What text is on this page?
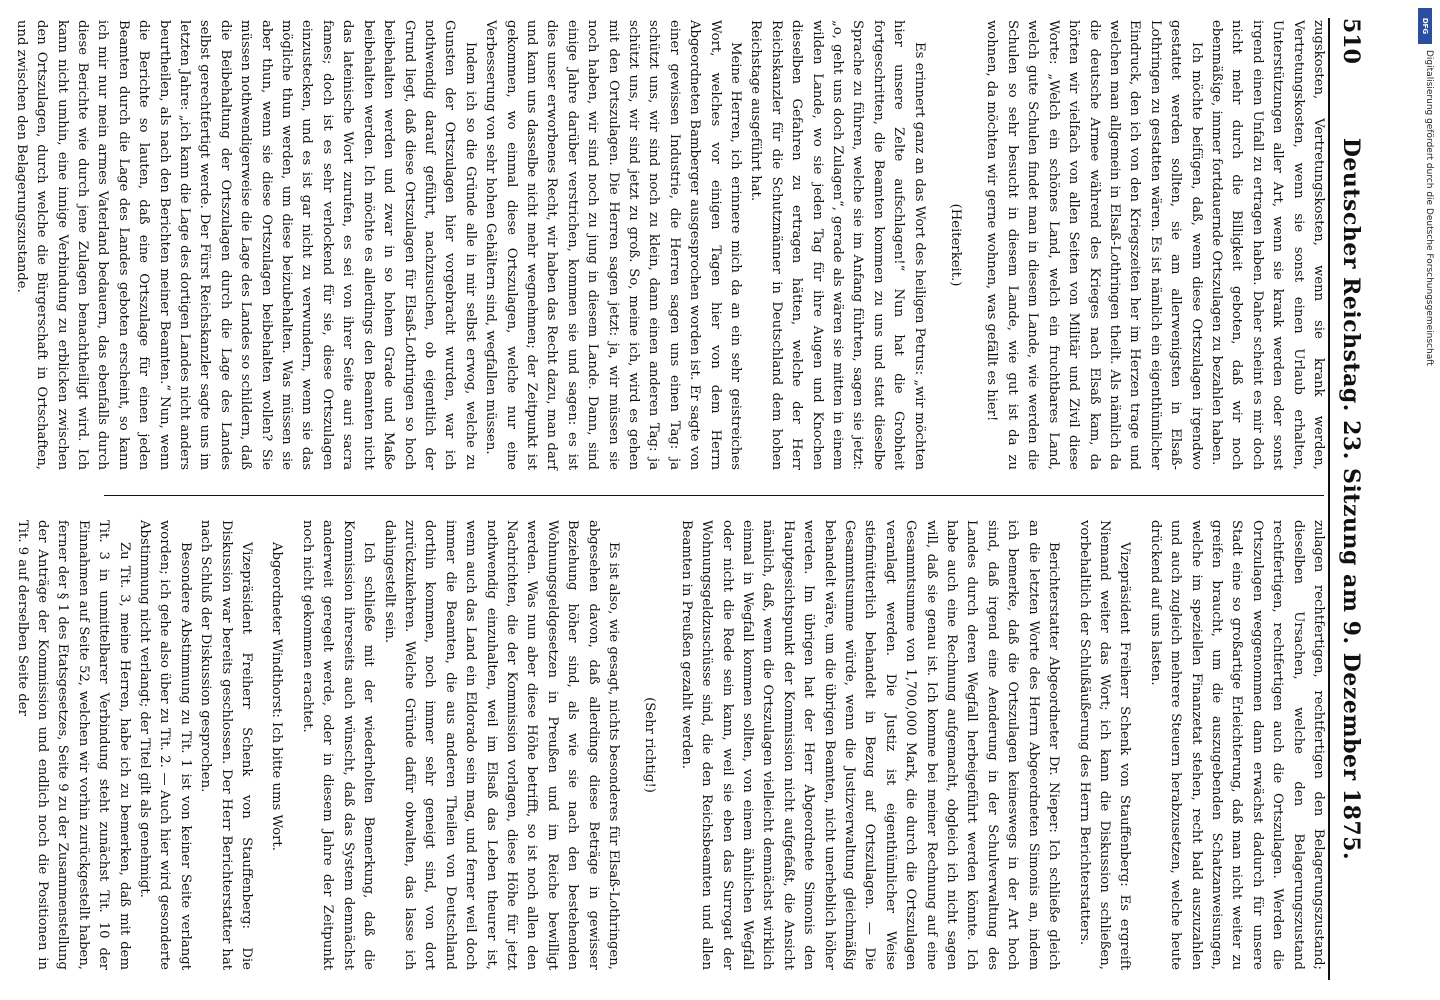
510
Deutscher Reichstag. 23. Sitzung am 9. Dezember 1875.

zugskosten, Vertretungskosten, wenn sie krank werden, Vertretungskosten, wenn sie sonst einen Urlaub erhalten, Unterstützungen aller Art, wenn sie krank werden oder sonst irgend einen Unfall zu ertragen haben. Daher scheint es mir doch nicht mehr durch die Billigkeit geboten, daß wir noch ebenmäßige, immer fortdauernde Ortszulagen zu bezahlen haben.

Ich möchte beifügen, daß, wenn diese Ortszulagen irgendwo gestattet werden sollten, sie am allerwenigsten in Elsaß-Lothringen zu gestatten wären. Es ist nämlich ein eigenthümlicher Eindruck, den ich von den Kriegszeiten her im Herzen trage und welchen man allgemein in Elsaß-Lothringen theilt. Als nämlich da die deutsche Armee während des Krieges nach Elsaß kam, da hörten wir vielfach von allen Seiten von Militär und Zivil diese Worte: „Welch ein schönes Land, welch ein fruchtbares Land, welch gute Schulen findet man in diesem Lande, wie werden die Schulen so sehr besucht in diesem Lande, wie gut ist da zu wohnen, da möchten wir gerne wohnen, was gefällt es hier!

(Heiterkeit.)

Es erinnert ganz an das Wort des heiligen Petrus: „wir möchten hier unsere Zelte aufschlagen!“ Nun hat die Grobheit fortgeschritten, die Beamten kommen zu uns und statt dieselbe Sprache zu führen, welche sie im Anfang führten, sagen sie jetzt: „o, geht uns doch Zulagen“, gerade als wären sie mitten in einem wilden Lande, wo sie jeden Tag für ihre Augen und Knochen dieselben Gefahren zu ertragen hätten, welche der Herr Reichskanzler für die Schutzmänner in Deutschland dem hohen Reichstage ausgeführt hat.

Meine Herren, ich erinnere mich da an ein sehr geistreiches Wort, welches vor einigen Tagen hier von dem Herrn Abgeordneten Bamberger ausgesprochen worden ist. Er sagte von einer gewissen Industrie, die Herren sagen uns einen Tag: ja schützt uns, wir sind noch zu klein, dann einen anderen Tag: ja schützt uns, wir sind jetzt zu groß. So, meine ich, wird es gehen mit den Ortszulagen. Die Herren sagen jetzt: ja, wir müssen sie noch haben, wir sind noch zu jung in diesem Lande. Dann, sind einige Jahre darüber verstrichen, kommen sie und sagen: es ist dies unser erworbenes Recht, wir haben das Recht dazu, man darf und kann uns dasselbe nicht mehr wegnehmen; der Zeitpunkt ist gekommen, wo einmal diese Ortszulagen, welche nur eine Verbesserung von sehr hohen Gehältern sind, wegfallen müssen.

Indem ich so die Gründe alle in mir selbst erwog, welche zu Gunsten der Ortszulagen hier vorgebracht wurden, war ich nothwendig darauf geführt, nachzusuchen, ob eigentlich der Grund liegt, daß diese Ortszulagen für Elsaß-Lothringen so hoch beibehalten werden und zwar in so hohem Grade und Maße beibehalten werden. Ich möchte es allerdings den Beamten nicht das lateinische Wort zurufen, es sei von ihrer Seite auri sacra fames; doch ist es sehr verlockend für sie, diese Ortszulagen einzustecken, und es ist gar nicht zu verwundern, wenn sie das mögliche thun werden, um diese beizubehalten. Was müssen sie aber thun, wenn sie diese Ortszulagen beibehalten wollen? Sie müssen nothwendigerweise die Lage des Landes so schildern, daß die Beibehaltung der Ortszulagen durch die Lage des Landes selbst gerechtfertigt werde. Der Fürst Reichskanzler sagte uns im letzten Jahre: „ich kann die Lage des dortigen Landes nicht anders beurtheilen, als nach den Berichten meiner Beamten.“ Nun, wenn die Berichte so lauten, daß eine Ortszulage für einen jeden Beamten durch die Lage des Landes geboten erscheint, so kann ich mir nur mein armes Vaterland bedauern, das ebenfalls durch diese Berichte wie durch jene Zulagen benachtheiligt wird. Ich kann nicht umhin, eine innige Verbindung zu erblicken zwischen den Ortszulagen, durch welche die Bürgerschaft in Ortschaften, und zwischen den Belagerungszustande.

zulagen rechtfertigen, rechtfertigen den Belagerungszustand; dieselben Ursachen, welche den Belagerungszustand rechtfertigen, rechtfertigen auch die Ortszulagen. Werden die Ortszulagen weggenommen dann erwächst dadurch für unsere Stadt eine so großartige Erleichterung, daß man nicht weiter zu greifen braucht, um die auszugebenden Schatzanweisungen, welche im speziellen Finanzetat stehen, recht bald auszuzahlen und auch zugleich mehrere Steuern herabzusetzen, welche heute drückend auf uns lasten.

Vizepräsident Freiherr Schenk von Stauffenberg: Es ergreift Niemand weiter das Wort; ich kann die Diskussion schließen, vorbehaltlich der Schlußäußerung des Herrn Berichterstatters.

Berichterstatter Abgeordneter Dr. Nieper: Ich schließe gleich an die letzten Worte des Herrn Abgeordneten Simonis an, indem ich bemerke, daß die Ortszulagen keineswegs in der Art hoch sind, daß irgend eine Aenderung in der Schulverwaltung des Landes durch deren Wegfall herbeigeführt werden könnte. Ich habe auch eine Rechnung aufgemacht, obgleich ich nicht sagen will, daß sie genau ist. Ich komme bei meiner Rechnung auf eine Gesammtsumme von 1,700,000 Mark, die durch die Ortszulagen veranlagt werden. Die Justiz ist eigenthümlicher Weise stiefmütterlich behandelt in Bezug auf Ortszulagen. — Die Gesammtsumme würde, wenn die Justizverwaltung gleichmäßig behandelt wäre, um die übrigen Beamten, nicht unerheblich höher werden. Im übrigen hat der Herr Abgeordnete Simonis den Hauptgesichtspunkt der Kommission nicht aufgefaßt, die Ansicht nämlich, daß, wenn die Ortszulagen vielleicht demnächst wirklich einmal in Wegfall kommen sollten, von einem ähnlichen Wegfall oder nicht die Rede sein kann, weil sie eben das Surrogat der Wohnungsgeldzuschüsse sind, die den Reichsbeamten und allen Beamten in Preußen gezahlt werden.

(Sehr richtig!)

Es ist also, wie gesagt, nichts besonderes für Elsaß-Lothringen, abgesehen davon, daß allerdings diese Beträge in gewisser Beziehung höher sind, als wie sie nach den bestehenden Wohnungsgeldgesetzen in Preußen und im Reiche bewilligt werden. Was nun aber diese Höhe betrifft, so ist noch allen den Nachrichten, die der Kommission vorlagen, diese Höhe für jetzt nothwendig einzuhalten, weil im Elsaß das Leben theurer ist, wenn auch das Land ein Eldorado sein mag, und ferner weil doch immer die Beamten, die aus anderen Theilen von Deutschland dorthin kommen, noch immer sehr geneigt sind, von dort zurückzukehren. Welche Gründe dafür obwalten, das lasse ich dahingestellt sein.

Ich schließe mit der wiederholten Bemerkung, daß die Kommission ihrerseits auch wünscht, daß das System demnächst anderweit geregelt werde, oder in diesem Jahre der Zeitpunkt noch nicht gekommen erachtet.

Abgeordneter Windthorst: Ich bitte ums Wort.

Vizepräsident Freiherr Schenk von Stauffenberg: Die Diskussion war bereits geschlossen. Der Herr Berichterstatter hat nach Schluß der Diskussion gesprochen.

Besondere Abstimmung zu Tit. 1 ist von keiner Seite verlangt worden; ich gehe also über zu Tit. 2. — Auch hier wird gesonderte Abstimmung nicht verlangt; der Titel gilt als genehmigt.

Zu Tit. 3, meine Herren, habe ich zu bemerken, daß mit dem Tit. 3 in unmittelbarer Verbindung steht zunächst Tit. 10 der Einnahmen auf Seite 52, welchen wir vorhin zurückgestellt haben, ferner der § 1 des Etatsgesetzes, Seite 9 zu der Zusammenstellung der Anträge der Kommission und endlich noch die Positionen in Tit. 9 auf derselben Seite der

DFG
Digitalisierung gefördert durch die Deutsche Forschungsgemeinschaft
